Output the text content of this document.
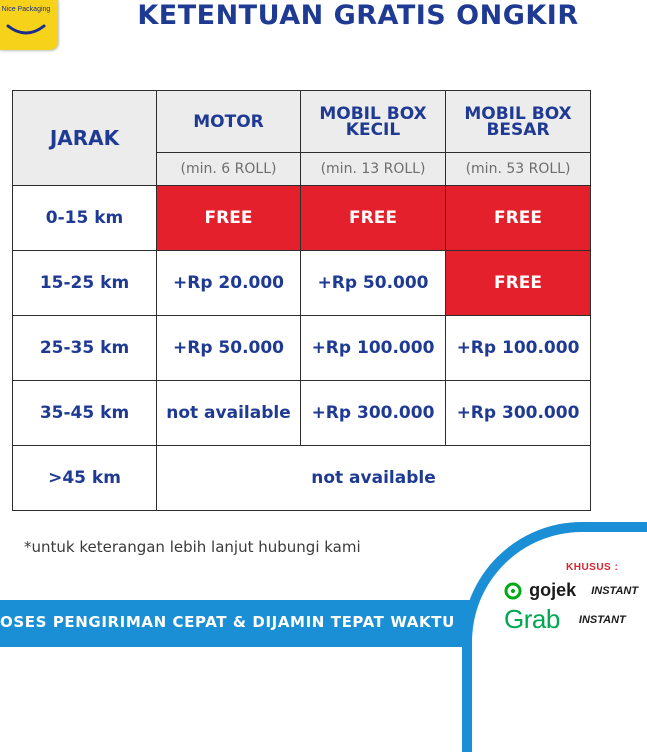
Nice Packaging	KETENTUAN GRATIS ONGKIR
JARAK	MOTOR	MOBIL BOX KECIL	MOBIL BOX BESAR
	(min. 6 ROLL)	(min. 13 ROLL)	(min. 53 ROLL)
0-15 km	FREE	FREE	FREE
15-25 km	+Rp 20.000	+Rp 50.000	FREE
25-35 km	+Rp 50.000	+Rp 100.000	+Rp 100.000
35-45 km	not available	+Rp 300.000	+Rp 300.000
>45 km	not available		
*untuk keterangan lebih lanjut hubungi kami
OSES PENGIRIMAN CEPAT & DIJAMIN TEPAT WAKTU
KHUSUS :
gojek INSTANT
Grab INSTANT
